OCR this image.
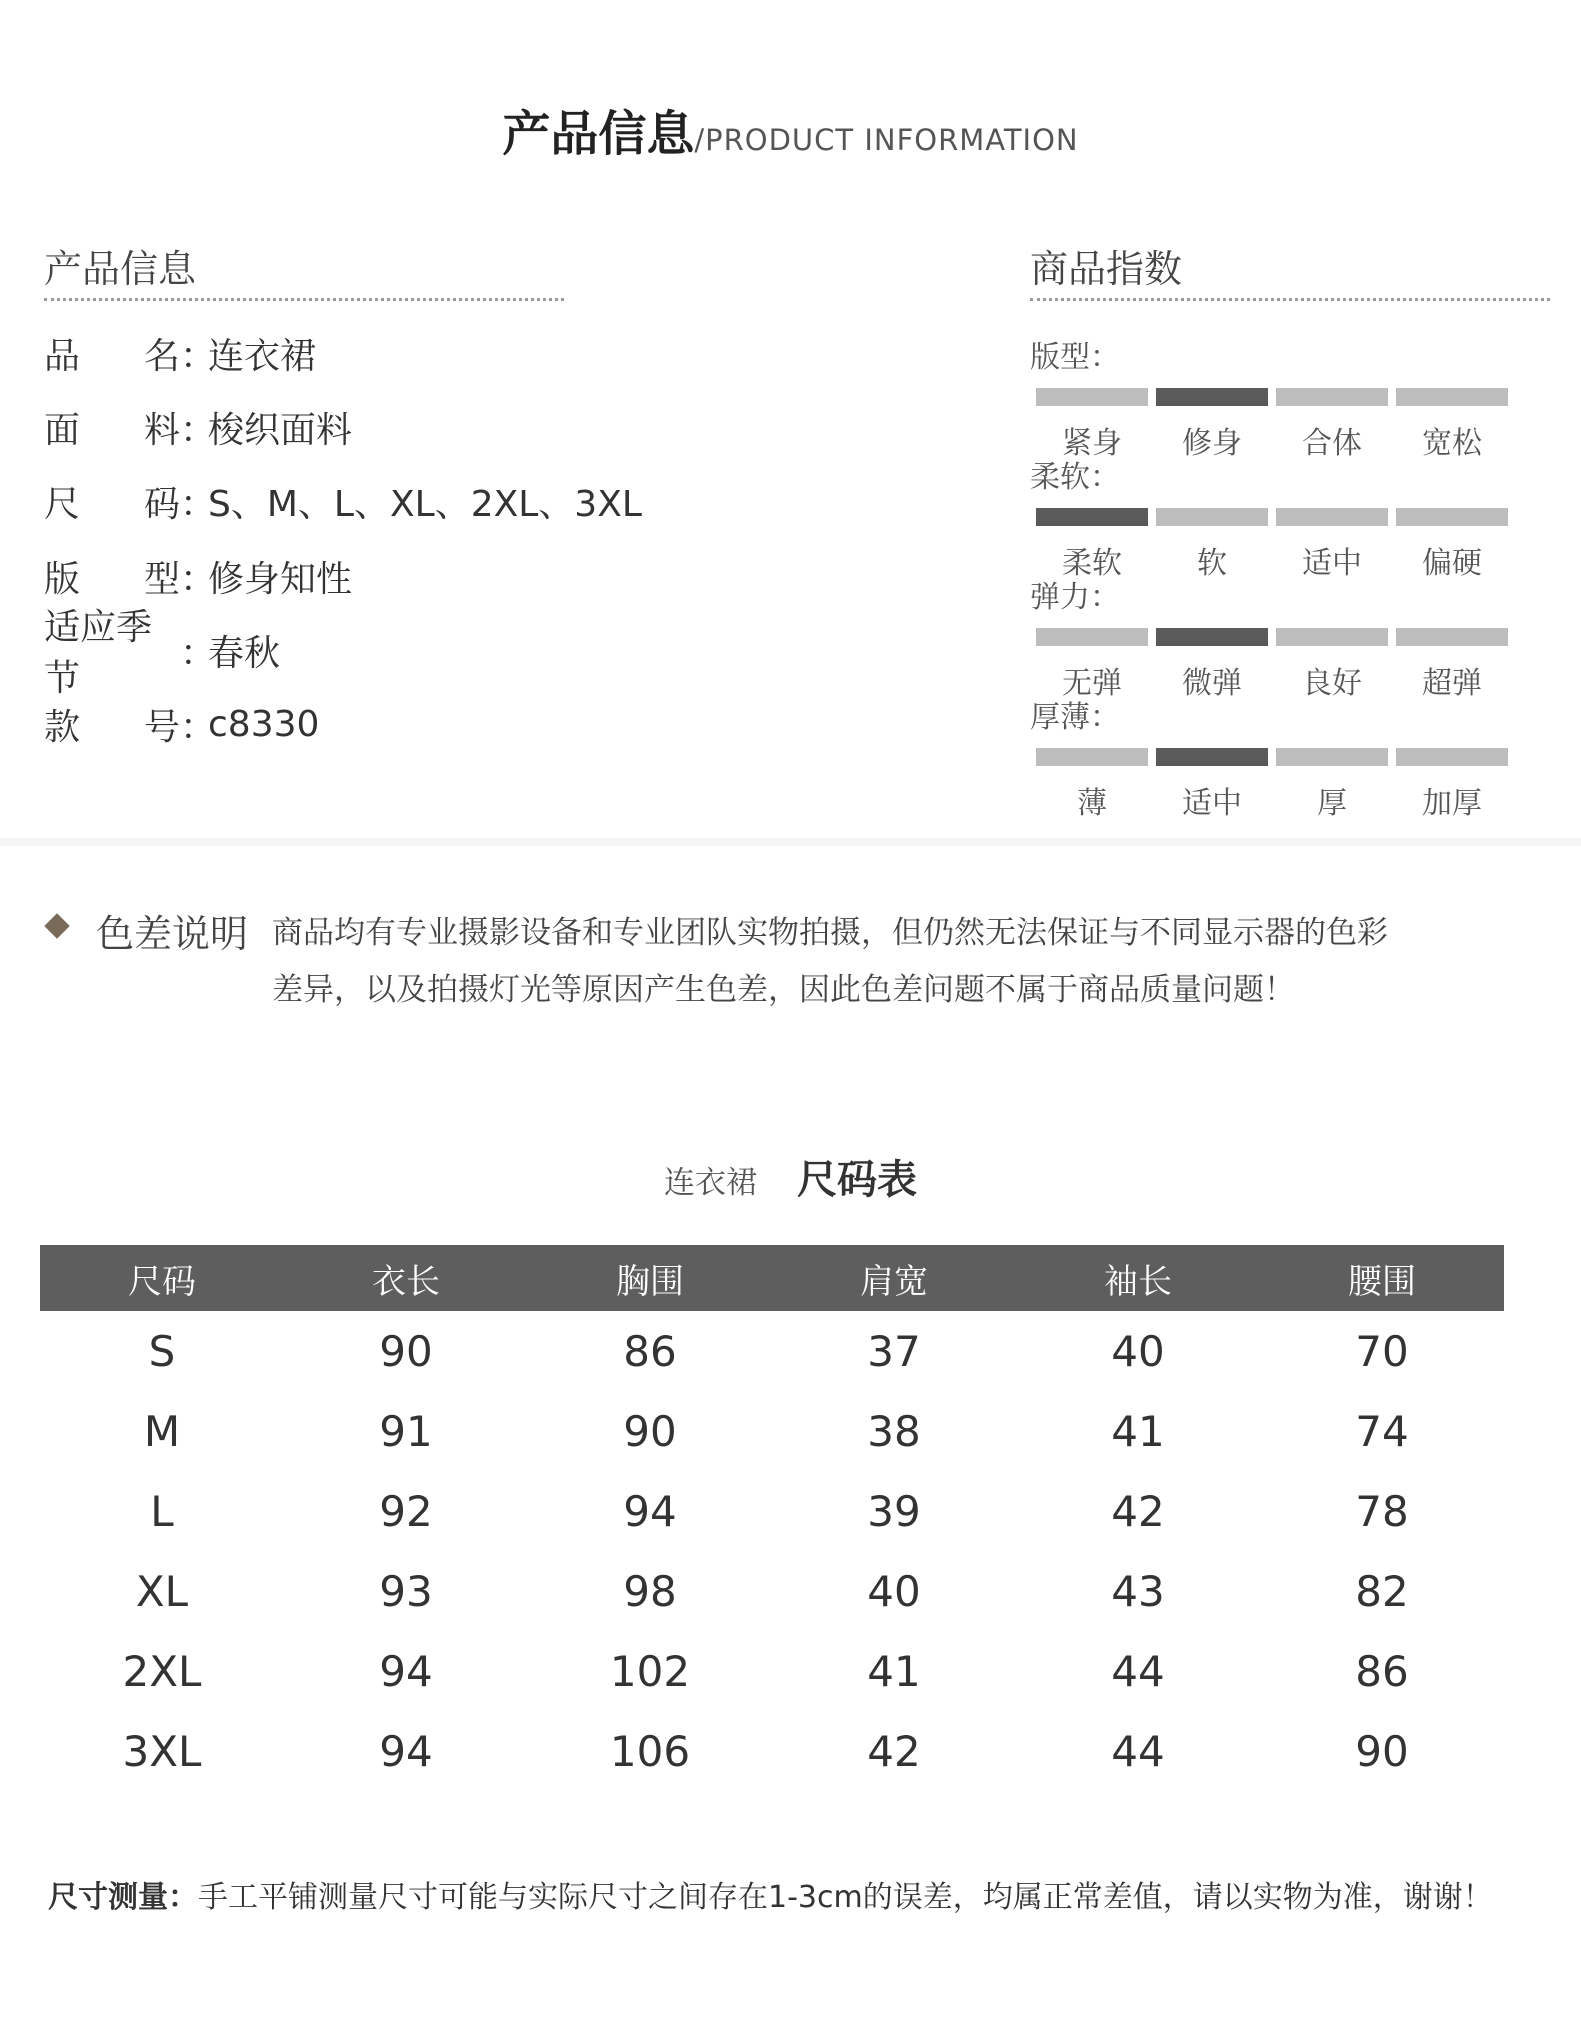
产品信息/PRODUCT INFORMATION
产品信息
品 名 ：
连衣裙
面 料 ：
梭织面料
尺 码 ：
S、M、L、XL、2XL、3XL
版 型 ：
修身知性
适应季节
：
春秋
款 号 ：
c8330
商品指数
版型：
紧身	修身	合体	宽松
柔软：
柔软	软	适中	偏硬
弹力：
无弹	微弹	良好	超弹
厚薄：
薄	适中	厚	加厚
色差说明 商品均有专业摄影设备和专业团队实物拍摄，但仍然无法保证与不同显示器的色彩差异，以及拍摄灯光等原因产生色差，因此色差问题不属于商品质量问题！
连衣裙 尺码表
尺码	衣长	胸围	肩宽	袖长	腰围
S	90	86	37	40	70
M	91	90	38	41	74
L	92	94	39	42	78
XL	93	98	40	43	82
2XL	94	102	41	44	86
3XL	94	106	42	44	90
尺寸测量：手工平铺测量尺寸可能与实际尺寸之间存在1-3cm的误差，均属正常差值，请以实物为准，谢谢！
